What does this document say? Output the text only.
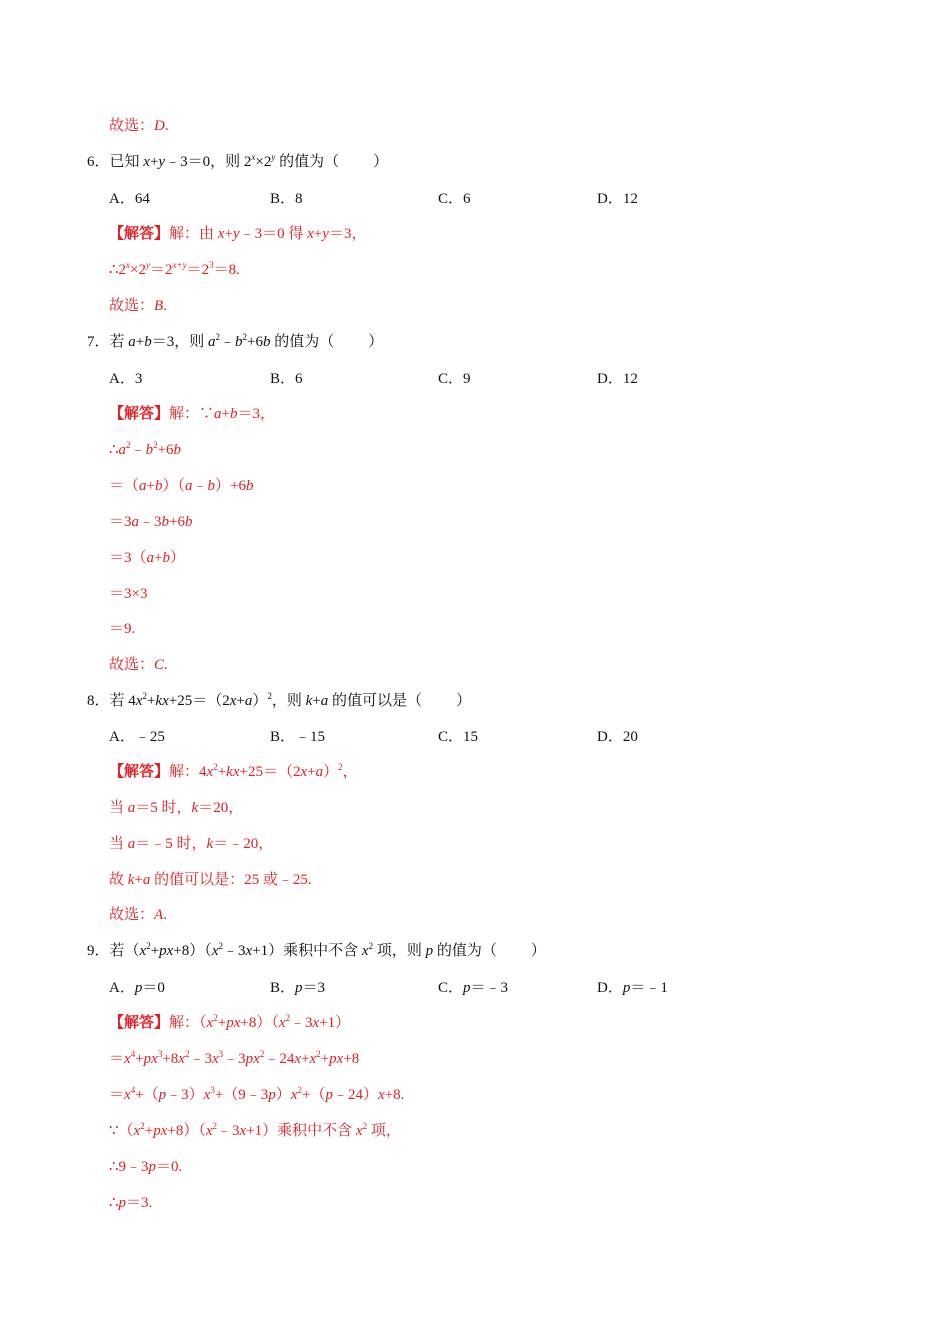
故选：D.
6．已知 x+y﹣3＝0，则 $2^x\times 2^y$ 的值为（ ）
A．64	B．8	C．6	D．12
【解答】解：由 x+y﹣3＝0 得 x+y＝3，
$\therefore 2^x\times 2^y=2^{x+y}=2^3=8$.
故选：B.
7．若 a+b＝3，则 $a^2﹣b^2+6b$ 的值为（ ）
A．3	B．6	C．9	D．12
【解答】解：∵a+b＝3，
$\therefore a^2﹣b^2+6b$
＝（a+b）（a﹣b）+6b
＝3a﹣3b+6b
＝3（a+b）
＝3×3
＝9.
故选：C.
8．若 $4x^2+kx+25=(2x+a)^2$，则 k+a 的值可以是（ ）
A．﹣25	B．﹣15	C．15	D．20
【解答】解：$4x^2+kx+25=(2x+a)^2$，
当 a＝5 时，k＝20，
当 a＝﹣5 时，k＝﹣20，
故 k+a 的值可以是：25 或﹣25.
故选：A.
9．若$(x^2+px+8)(x^2﹣3x+1)$乘积中不含 $x^2$ 项，则 p 的值为（ ）
A．p＝0	B．p＝3	C．p＝﹣3	D．p＝﹣1
【解答】解：$(x^2+px+8)(x^2﹣3x+1)$
$=x^4+px^3+8x^2﹣3x^3﹣3px^2﹣24x+x^2+px+8$
$=x^4+(p﹣3)x^3+(9﹣3p)x^2+(p﹣24)x+8$.
$\because(x^2+px+8)(x^2﹣3x+1)$乘积中不含 $x^2$ 项，
∴9﹣3p＝0.
∴p＝3.
